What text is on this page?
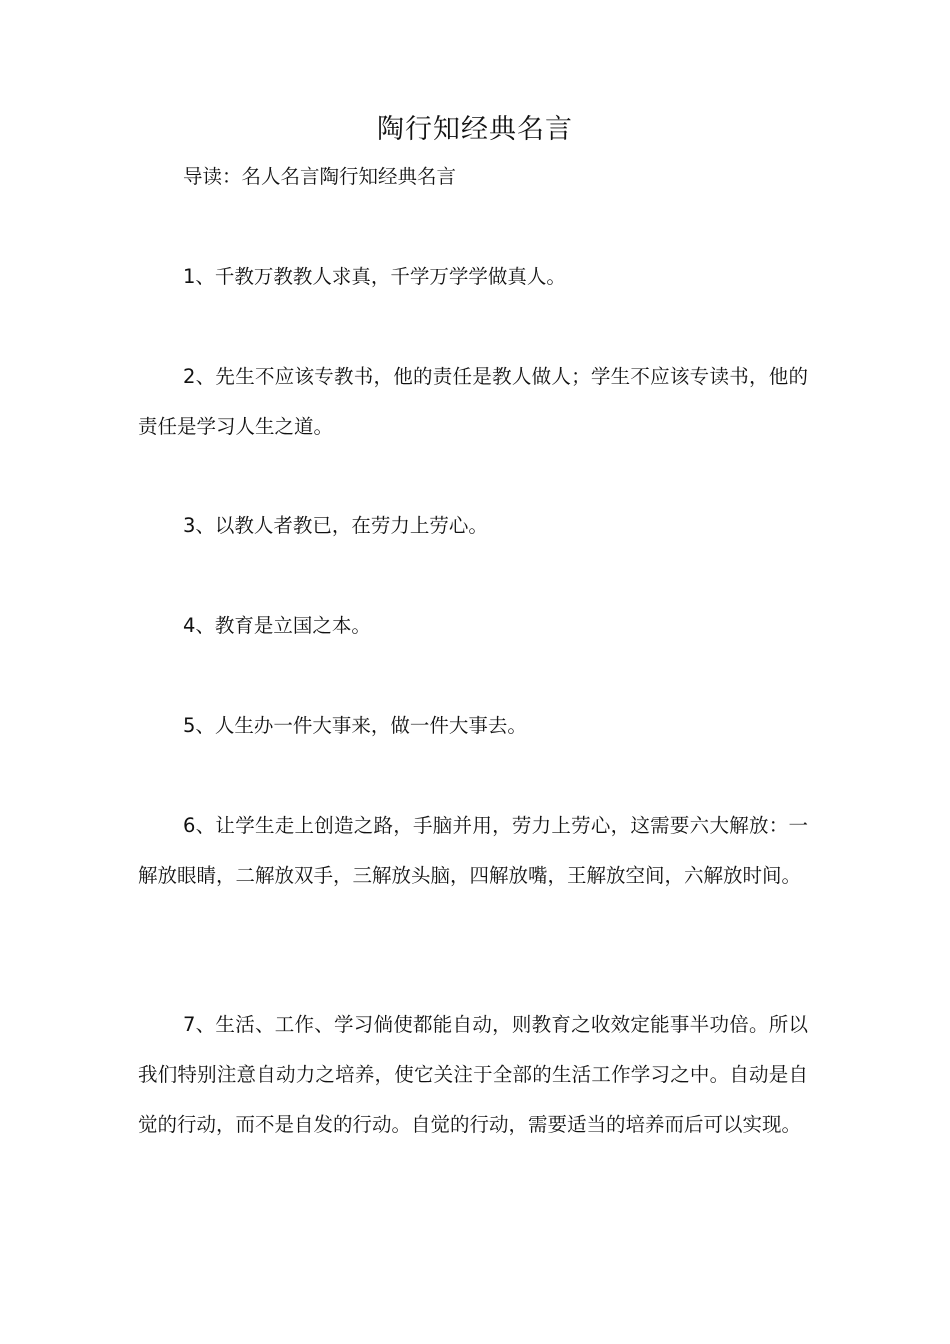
陶行知经典名言

导读：名人名言陶行知经典名言

1、千教万教教人求真，千学万学学做真人。

2、先生不应该专教书，他的责任是教人做人；学生不应该专读书，他的责任是学习人生之道。

3、以教人者教已，在劳力上劳心。

4、教育是立国之本。

5、人生办一件大事来，做一件大事去。

6、让学生走上创造之路，手脑并用，劳力上劳心，这需要六大解放：一解放眼睛，二解放双手，三解放头脑，四解放嘴，王解放空间，六解放时间。

7、生活、工作、学习倘使都能自动，则教育之收效定能事半功倍。所以我们特别注意自动力之培养，使它关注于全部的生活工作学习之中。自动是自觉的行动，而不是自发的行动。自觉的行动，需要适当的培养而后可以实现。
